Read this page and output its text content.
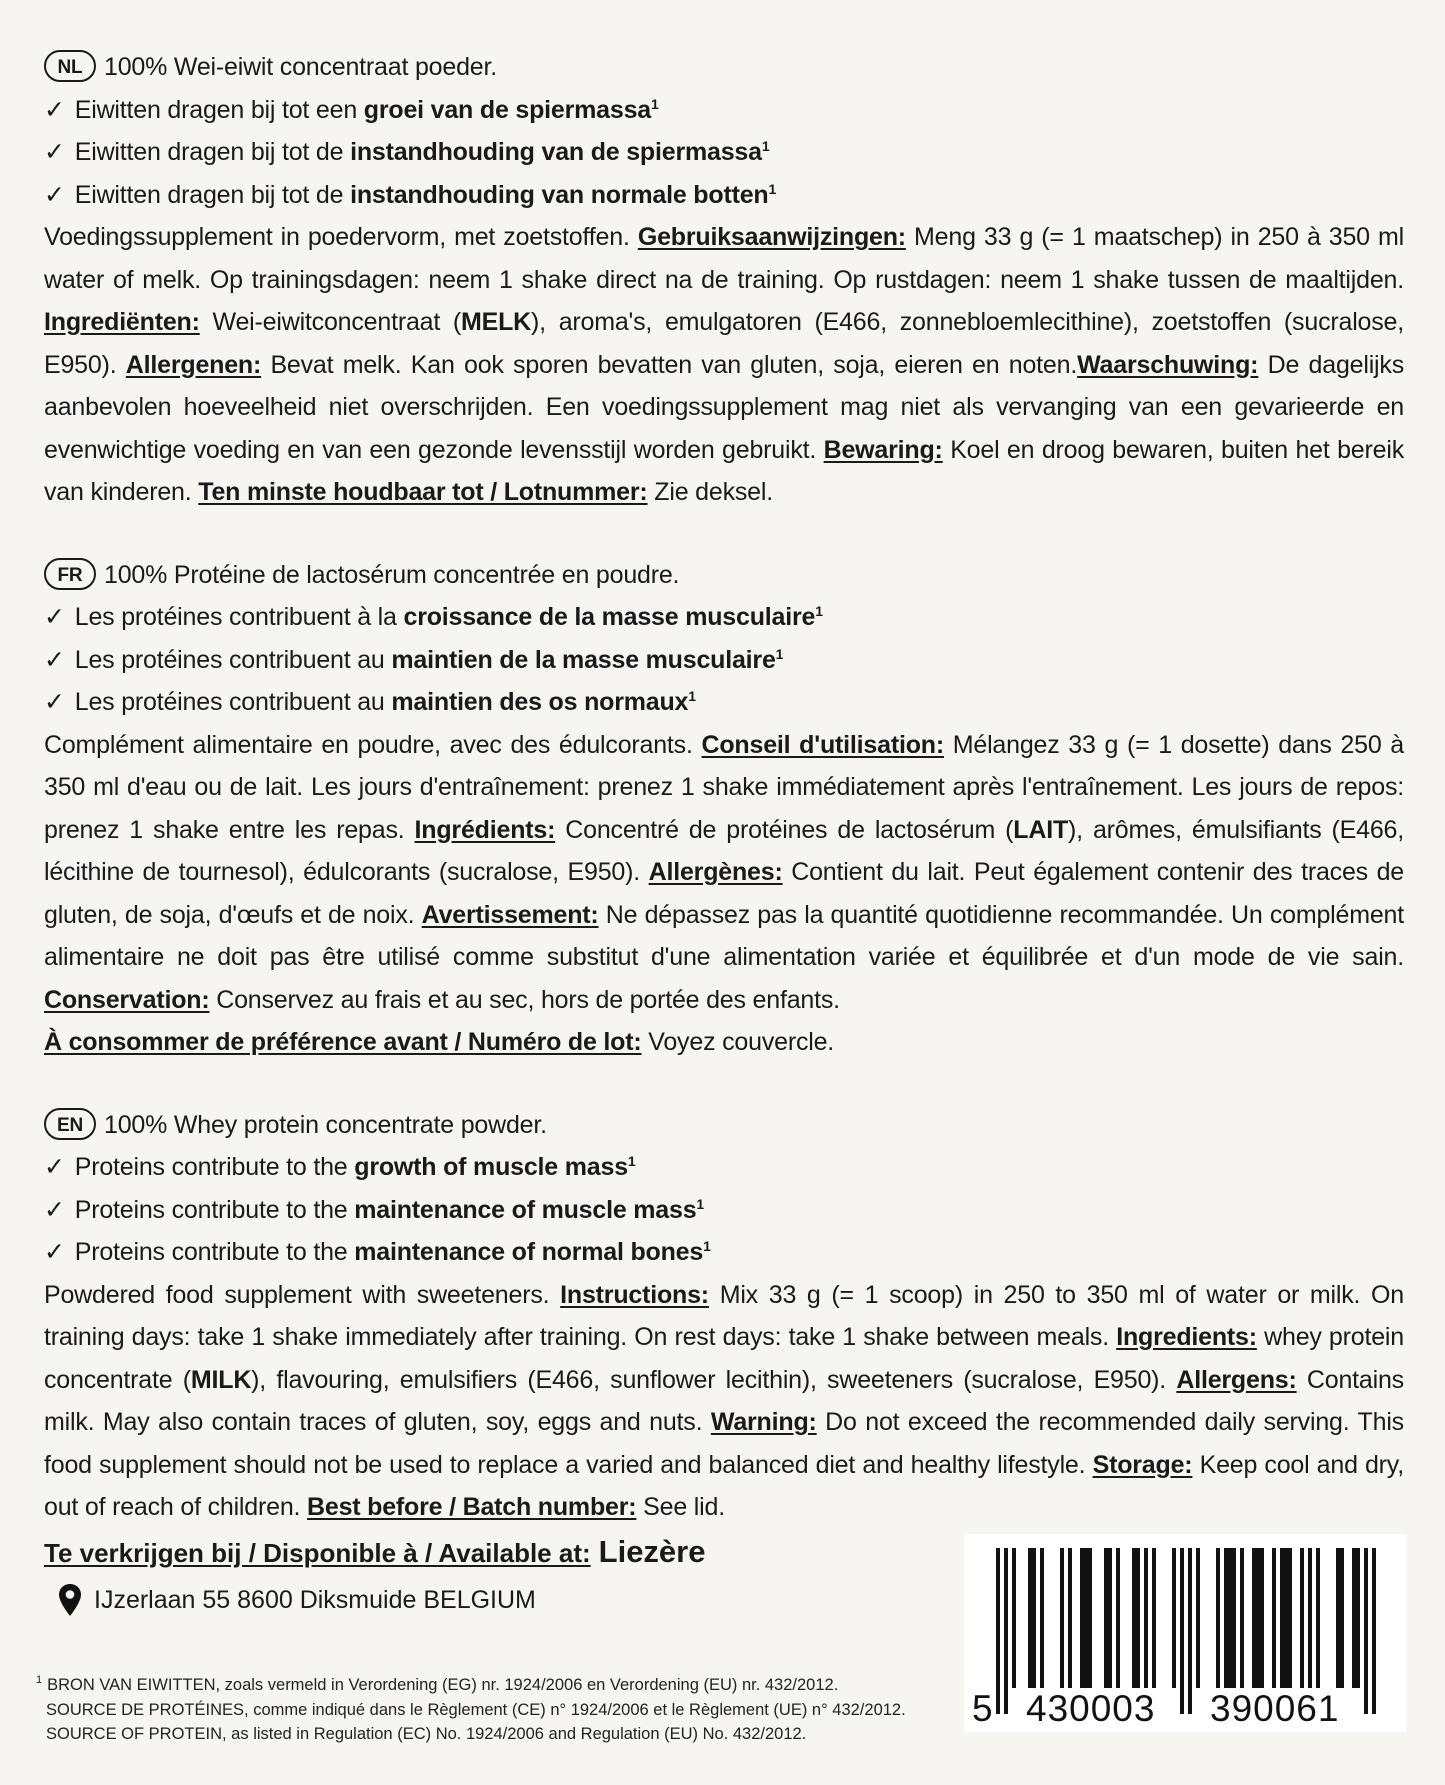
NL 100% Wei-eiwit concentraat poeder.
✓ Eiwitten dragen bij tot een groei van de spiermassa$^1$
✓ Eiwitten dragen bij tot de instandhouding van de spiermassa$^1$
✓ Eiwitten dragen bij tot de instandhouding van normale botten$^1$
Voedingssupplement in poedervorm, met zoetstoffen. Gebruiksaanwijzingen: Meng 33 g (= 1 maatschep) in 250 à 350 ml water of melk. Op trainingsdagen: neem 1 shake direct na de training. Op rustdagen: neem 1 shake tussen de maaltijden. Ingrediënten: Wei-eiwitconcentraat (MELK), aroma's, emulgatoren (E466, zonnebloemlecithine), zoetstoffen (sucralose, E950). Allergenen: Bevat melk. Kan ook sporen bevatten van gluten, soja, eieren en noten.Waarschuwing: De dagelijks aanbevolen hoeveelheid niet overschrijden. Een voedingssupplement mag niet als vervanging van een gevarieerde en evenwichtige voeding en van een gezonde levensstijl worden gebruikt. Bewaring: Koel en droog bewaren, buiten het bereik van kinderen. Ten minste houdbaar tot / Lotnummer: Zie deksel.
FR 100% Protéine de lactosérum concentrée en poudre.
✓ Les protéines contribuent à la croissance de la masse musculaire$^1$
✓ Les protéines contribuent au maintien de la masse musculaire$^1$
✓ Les protéines contribuent au maintien des os normaux$^1$
Complément alimentaire en poudre, avec des édulcorants. Conseil d'utilisation: Mélangez 33 g (= 1 dosette) dans 250 à 350 ml d'eau ou de lait. Les jours d'entraînement: prenez 1 shake immédiatement après l'entraînement. Les jours de repos: prenez 1 shake entre les repas. Ingrédients: Concentré de protéines de lactosérum (LAIT), arômes, émulsifiants (E466, lécithine de tournesol), édulcorants (sucralose, E950). Allergènes: Contient du lait. Peut également contenir des traces de gluten, de soja, d'œufs et de noix. Avertissement: Ne dépassez pas la quantité quotidienne recommandée. Un complément alimentaire ne doit pas être utilisé comme substitut d'une alimentation variée et équilibrée et d'un mode de vie sain. Conservation: Conservez au frais et au sec, hors de portée des enfants.
À consommer de préférence avant / Numéro de lot: Voyez couvercle.
EN 100% Whey protein concentrate powder.
✓ Proteins contribute to the growth of muscle mass$^1$
✓ Proteins contribute to the maintenance of muscle mass$^1$
✓ Proteins contribute to the maintenance of normal bones$^1$
Powdered food supplement with sweeteners. Instructions: Mix 33 g (= 1 scoop) in 250 to 350 ml of water or milk. On training days: take 1 shake immediately after training. On rest days: take 1 shake between meals. Ingredients: whey protein concentrate (MILK), flavouring, emulsifiers (E466, sunflower lecithin), sweeteners (sucralose, E950). Allergens: Contains milk. May also contain traces of gluten, soy, eggs and nuts. Warning: Do not exceed the recommended daily serving. This food supplement should not be used to replace a varied and balanced diet and healthy lifestyle. Storage: Keep cool and dry, out of reach of children. Best before / Batch number: See lid.
Te verkrijgen bij / Disponible à / Available at: Liezère
IJzerlaan 55 8600 Diksmuide BELGIUM
$^1$ BRON VAN EIWITTEN, zoals vermeld in Verordening (EG) nr. 1924/2006 en Verordening (EU) nr. 432/2012.
SOURCE DE PROTÉINES, comme indiqué dans le Règlement (CE) n° 1924/2006 et le Règlement (UE) n° 432/2012.
SOURCE OF PROTEIN, as listed in Regulation (EC) No. 1924/2006 and Regulation (EU) No. 432/2012.
5 430003 390061
